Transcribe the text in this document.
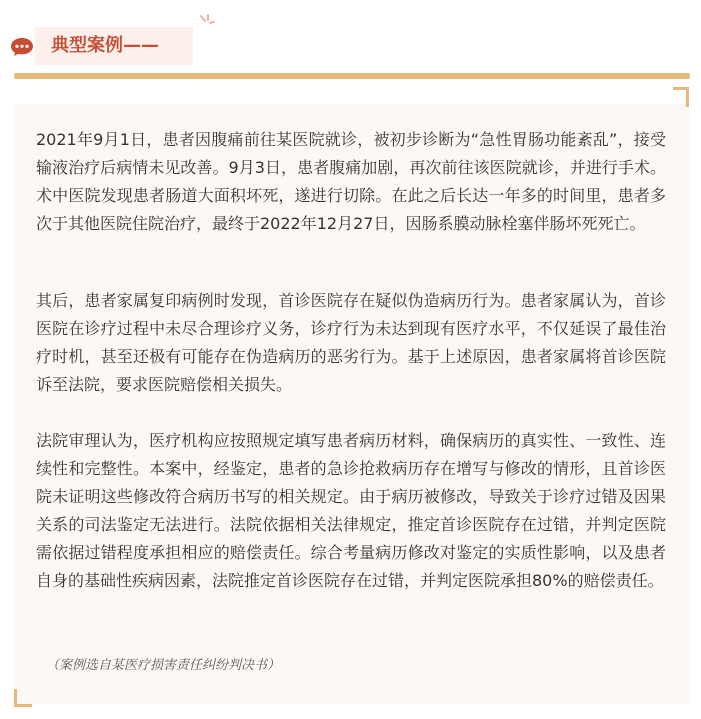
典型案例——

2021年9月1日，患者因腹痛前往某医院就诊，被初步诊断为“急性胃肠功能紊乱”，接受输液治疗后病情未见改善。9月3日，患者腹痛加剧，再次前往该医院就诊，并进行手术。术中医院发现患者肠道大面积坏死，遂进行切除。在此之后长达一年多的时间里，患者多次于其他医院住院治疗，最终于2022年12月27日，因肠系膜动脉栓塞伴肠坏死死亡。

其后，患者家属复印病例时发现，首诊医院存在疑似伪造病历行为。患者家属认为，首诊医院在诊疗过程中未尽合理诊疗义务，诊疗行为未达到现有医疗水平，不仅延误了最佳治疗时机，甚至还极有可能存在伪造病历的恶劣行为。基于上述原因，患者家属将首诊医院诉至法院，要求医院赔偿相关损失。

法院审理认为，医疗机构应按照规定填写患者病历材料，确保病历的真实性、一致性、连续性和完整性。本案中，经鉴定，患者的急诊抢救病历存在增写与修改的情形，且首诊医院未证明这些修改符合病历书写的相关规定。由于病历被修改，导致关于诊疗过错及因果关系的司法鉴定无法进行。法院依据相关法律规定，推定首诊医院存在过错，并判定医院需依据过错程度承担相应的赔偿责任。综合考量病历修改对鉴定的实质性影响，以及患者自身的基础性疾病因素，法院推定首诊医院存在过错，并判定医院承担80%的赔偿责任。

（案例选自某医疗损害责任纠纷判决书）
